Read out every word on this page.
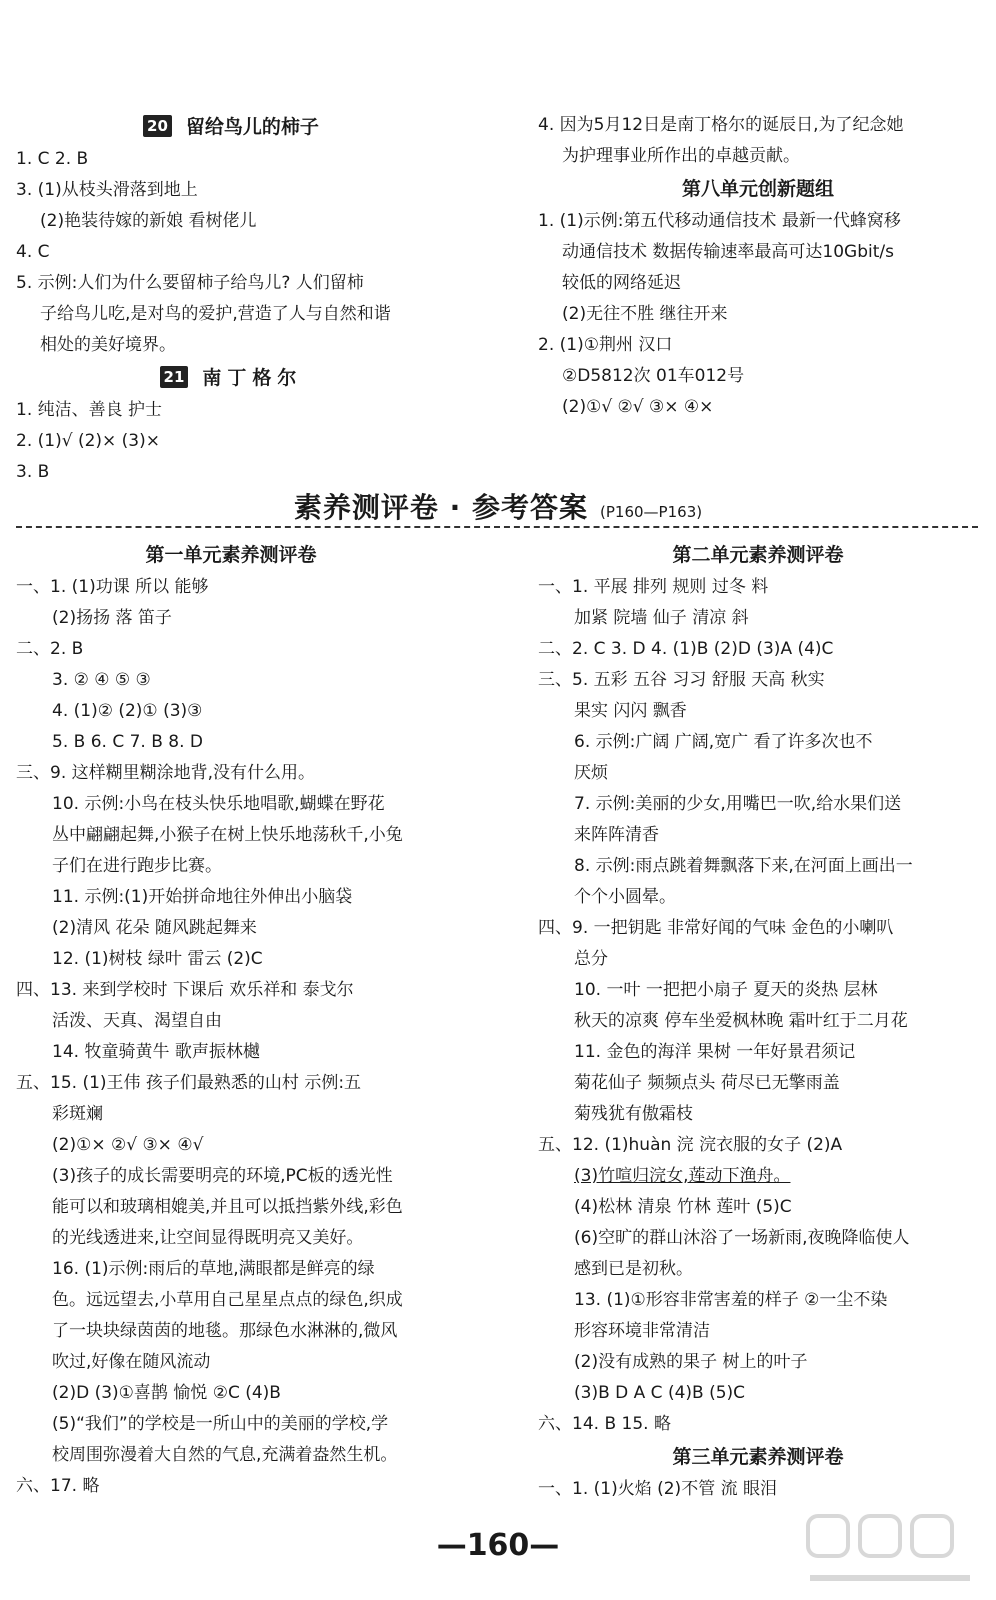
20 留给鸟儿的柿子
1. C 2. B
3. (1)从枝头滑落到地上
(2)艳装待嫁的新娘 看树佬儿
4. C
5. 示例:人们为什么要留柿子给鸟儿? 人们留柿
子给鸟儿吃,是对鸟的爱护,营造了人与自然和谐
相处的美好境界。
21 南丁格尔
1. 纯洁、善良 护士
2. (1)√ (2)× (3)×
3. B
4. 因为5月12日是南丁格尔的诞辰日,为了纪念她
为护理事业所作出的卓越贡献。
第八单元创新题组
1. (1)示例:第五代移动通信技术 最新一代蜂窝移
动通信技术 数据传输速率最高可达10Gbit/s
较低的网络延迟
(2)无往不胜 继往开来
2. (1)①荆州 汉口
②D5812次 01车012号
(2)①√ ②√ ③× ④×
素养测评卷 · 参考答案 (P160—P163)
第一单元素养测评卷
一、1. (1)功课 所以 能够
(2)扬扬 落 笛子
二、2. B
3. ② ④ ⑤ ③
4. (1)② (2)① (3)③
5. B 6. C 7. B 8. D
三、9. 这样糊里糊涂地背,没有什么用。
10. 示例:小鸟在枝头快乐地唱歌,蝴蝶在野花
丛中翩翩起舞,小猴子在树上快乐地荡秋千,小兔
子们在进行跑步比赛。
11. 示例:(1)开始拼命地往外伸出小脑袋
(2)清风 花朵 随风跳起舞来
12. (1)树枝 绿叶 雷云 (2)C
四、13. 来到学校时 下课后 欢乐祥和 泰戈尔
活泼、天真、渴望自由
14. 牧童骑黄牛 歌声振林樾
五、15. (1)王伟 孩子们最熟悉的山村 示例:五
彩斑斓
(2)①× ②√ ③× ④√
(3)孩子的成长需要明亮的环境,PC板的透光性
能可以和玻璃相媲美,并且可以抵挡紫外线,彩色
的光线透进来,让空间显得既明亮又美好。
16. (1)示例:雨后的草地,满眼都是鲜亮的绿
色。远远望去,小草用自己星星点点的绿色,织成
了一块块绿茵茵的地毯。那绿色水淋淋的,微风
吹过,好像在随风流动
(2)D (3)①喜鹊 愉悦 ②C (4)B
(5)“我们”的学校是一所山中的美丽的学校,学
校周围弥漫着大自然的气息,充满着盎然生机。
六、17. 略
第二单元素养测评卷
一、1. 平展 排列 规则 过冬 料
加紧 院墙 仙子 清凉 斜
二、2. C 3. D 4. (1)B (2)D (3)A (4)C
三、5. 五彩 五谷 习习 舒服 天高 秋实
果实 闪闪 飘香
6. 示例:广阔 广阔,宽广 看了许多次也不
厌烦
7. 示例:美丽的少女,用嘴巴一吹,给水果们送
来阵阵清香
8. 示例:雨点跳着舞飘落下来,在河面上画出一
个个小圆晕。
四、9. 一把钥匙 非常好闻的气味 金色的小喇叭
总分
10. 一叶 一把把小扇子 夏天的炎热 层林
秋天的凉爽 停车坐爱枫林晚 霜叶红于二月花
11. 金色的海洋 果树 一年好景君须记
菊花仙子 频频点头 荷尽已无擎雨盖
菊残犹有傲霜枝
五、12. (1)huàn 浣 浣衣服的女子 (2)A
(3)竹喧归浣女,莲动下渔舟。
(4)松林 清泉 竹林 莲叶 (5)C
(6)空旷的群山沐浴了一场新雨,夜晚降临使人
感到已是初秋。
13. (1)①形容非常害羞的样子 ②一尘不染
形容环境非常清洁
(2)没有成熟的果子 树上的叶子
(3)B D A C (4)B (5)C
六、14. B 15. 略
第三单元素养测评卷
一、1. (1)火焰 (2)不管 流 眼泪
—160—
